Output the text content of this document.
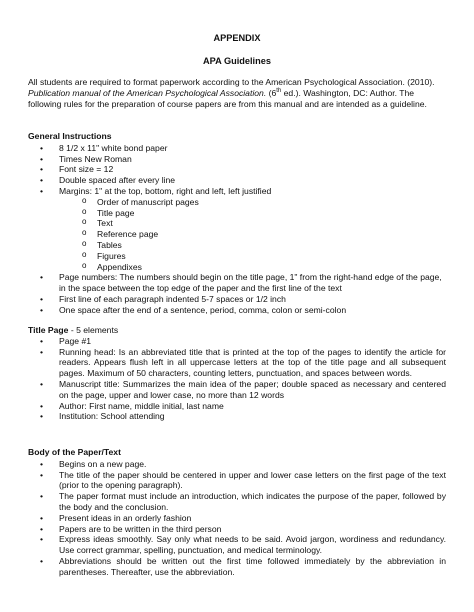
APPENDIX
APA Guidelines
All students are required to format paperwork according to the American Psychological Association. (2010). Publication manual of the American Psychological Association. (6th ed.). Washington, DC: Author. The following rules for the preparation of course papers are from this manual and are intended as a guideline.
General Instructions
• 8 1/2 x 11" white bond paper
• Times New Roman
• Font size = 12
• Double spaced after every line
• Margins: 1" at the top, bottom, right and left, left justified
o Order of manuscript pages
o Title page
o Text
o Reference page
o Tables
o Figures
o Appendixes
• Page numbers: The numbers should begin on the title page, 1" from the right-hand edge of the page, in the space between the top edge of the paper and the first line of the text
• First line of each paragraph indented 5-7 spaces or 1/2 inch
• One space after the end of a sentence, period, comma, colon or semi-colon
Title Page - 5 elements
• Page #1
• Running head: Is an abbreviated title that is printed at the top of the pages to identify the article for readers. Appears flush left in all uppercase letters at the top of the title page and all subsequent pages. Maximum of 50 characters, counting letters, punctuation, and spaces between words.
• Manuscript title: Summarizes the main idea of the paper; double spaced as necessary and centered on the page, upper and lower case, no more than 12 words
• Author: First name, middle initial, last name
• Institution: School attending
Body of the Paper/Text
• Begins on a new page.
• The title of the paper should be centered in upper and lower case letters on the first page of the text (prior to the opening paragraph).
• The paper format must include an introduction, which indicates the purpose of the paper, followed by the body and the conclusion.
• Present ideas in an orderly fashion
• Papers are to be written in the third person
• Express ideas smoothly. Say only what needs to be said. Avoid jargon, wordiness and redundancy. Use correct grammar, spelling, punctuation, and medical terminology.
• Abbreviations should be written out the first time followed immediately by the abbreviation in parentheses. Thereafter, use the abbreviation.
